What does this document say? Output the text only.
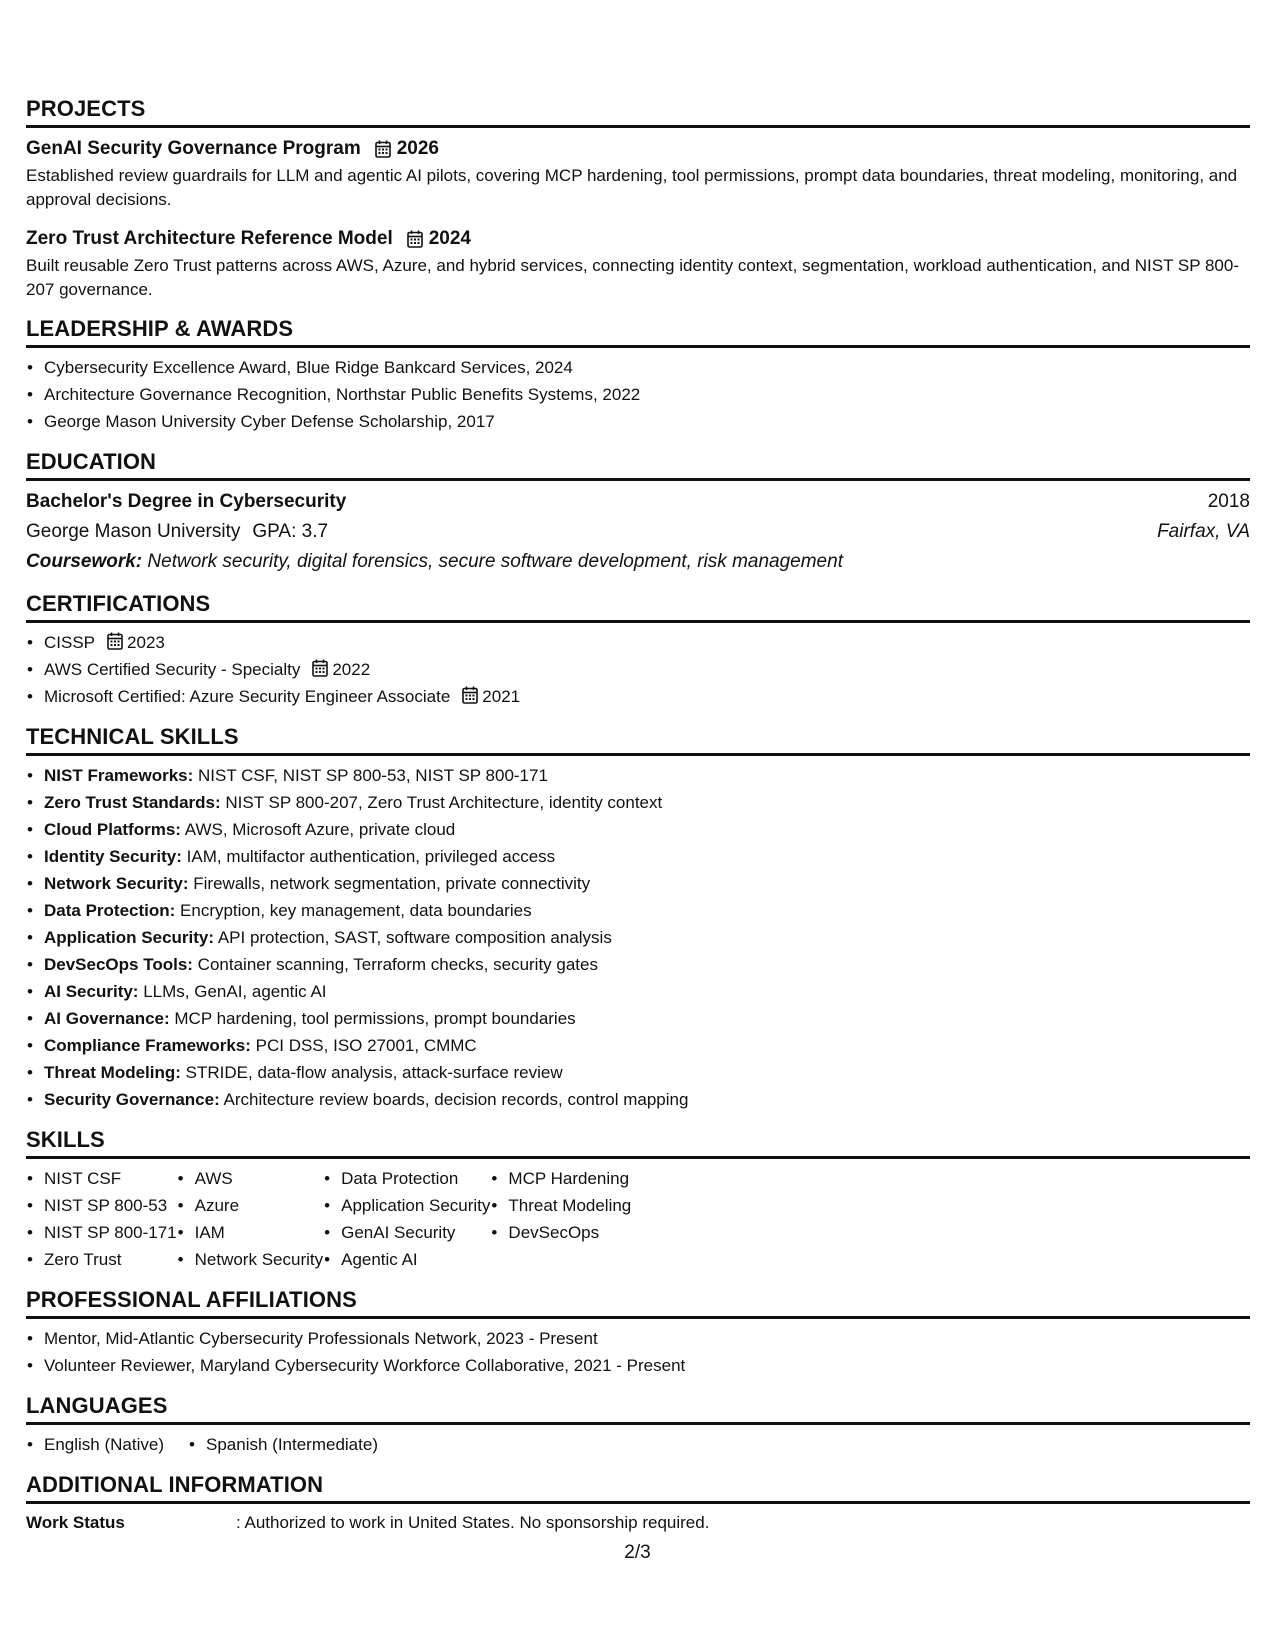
PROJECTS
GenAI Security Governance Program 2026
Established review guardrails for LLM and agentic AI pilots, covering MCP hardening, tool permissions, prompt data boundaries, threat modeling, monitoring, and approval decisions.
Zero Trust Architecture Reference Model 2024
Built reusable Zero Trust patterns across AWS, Azure, and hybrid services, connecting identity context, segmentation, workload authentication, and NIST SP 800-207 governance.
LEADERSHIP & AWARDS
• Cybersecurity Excellence Award, Blue Ridge Bankcard Services, 2024
• Architecture Governance Recognition, Northstar Public Benefits Systems, 2022
• George Mason University Cyber Defense Scholarship, 2017
EDUCATION
Bachelor's Degree in Cybersecurity	2018
George Mason University GPA: 3.7	Fairfax, VA
Coursework: Network security, digital forensics, secure software development, risk management
CERTIFICATIONS
• CISSP 2023
• AWS Certified Security - Specialty 2022
• Microsoft Certified: Azure Security Engineer Associate 2021
TECHNICAL SKILLS
• NIST Frameworks: NIST CSF, NIST SP 800-53, NIST SP 800-171
• Zero Trust Standards: NIST SP 800-207, Zero Trust Architecture, identity context
• Cloud Platforms: AWS, Microsoft Azure, private cloud
• Identity Security: IAM, multifactor authentication, privileged access
• Network Security: Firewalls, network segmentation, private connectivity
• Data Protection: Encryption, key management, data boundaries
• Application Security: API protection, SAST, software composition analysis
• DevSecOps Tools: Container scanning, Terraform checks, security gates
• AI Security: LLMs, GenAI, agentic AI
• AI Governance: MCP hardening, tool permissions, prompt boundaries
• Compliance Frameworks: PCI DSS, ISO 27001, CMMC
• Threat Modeling: STRIDE, data-flow analysis, attack-surface review
• Security Governance: Architecture review boards, decision records, control mapping
SKILLS
• NIST CSF
• NIST SP 800-53
• NIST SP 800-171
• Zero Trust
• AWS
• Azure
• IAM
• Network Security
• Data Protection
• Application Security
• GenAI Security
• Agentic AI
• MCP Hardening
• Threat Modeling
• DevSecOps
PROFESSIONAL AFFILIATIONS
• Mentor, Mid-Atlantic Cybersecurity Professionals Network, 2023 - Present
• Volunteer Reviewer, Maryland Cybersecurity Workforce Collaborative, 2021 - Present
LANGUAGES
• English (Native)
•	Spanish (Intermediate)
ADDITIONAL INFORMATION
Work Status	: Authorized to work in United States. No sponsorship required.
2/3
